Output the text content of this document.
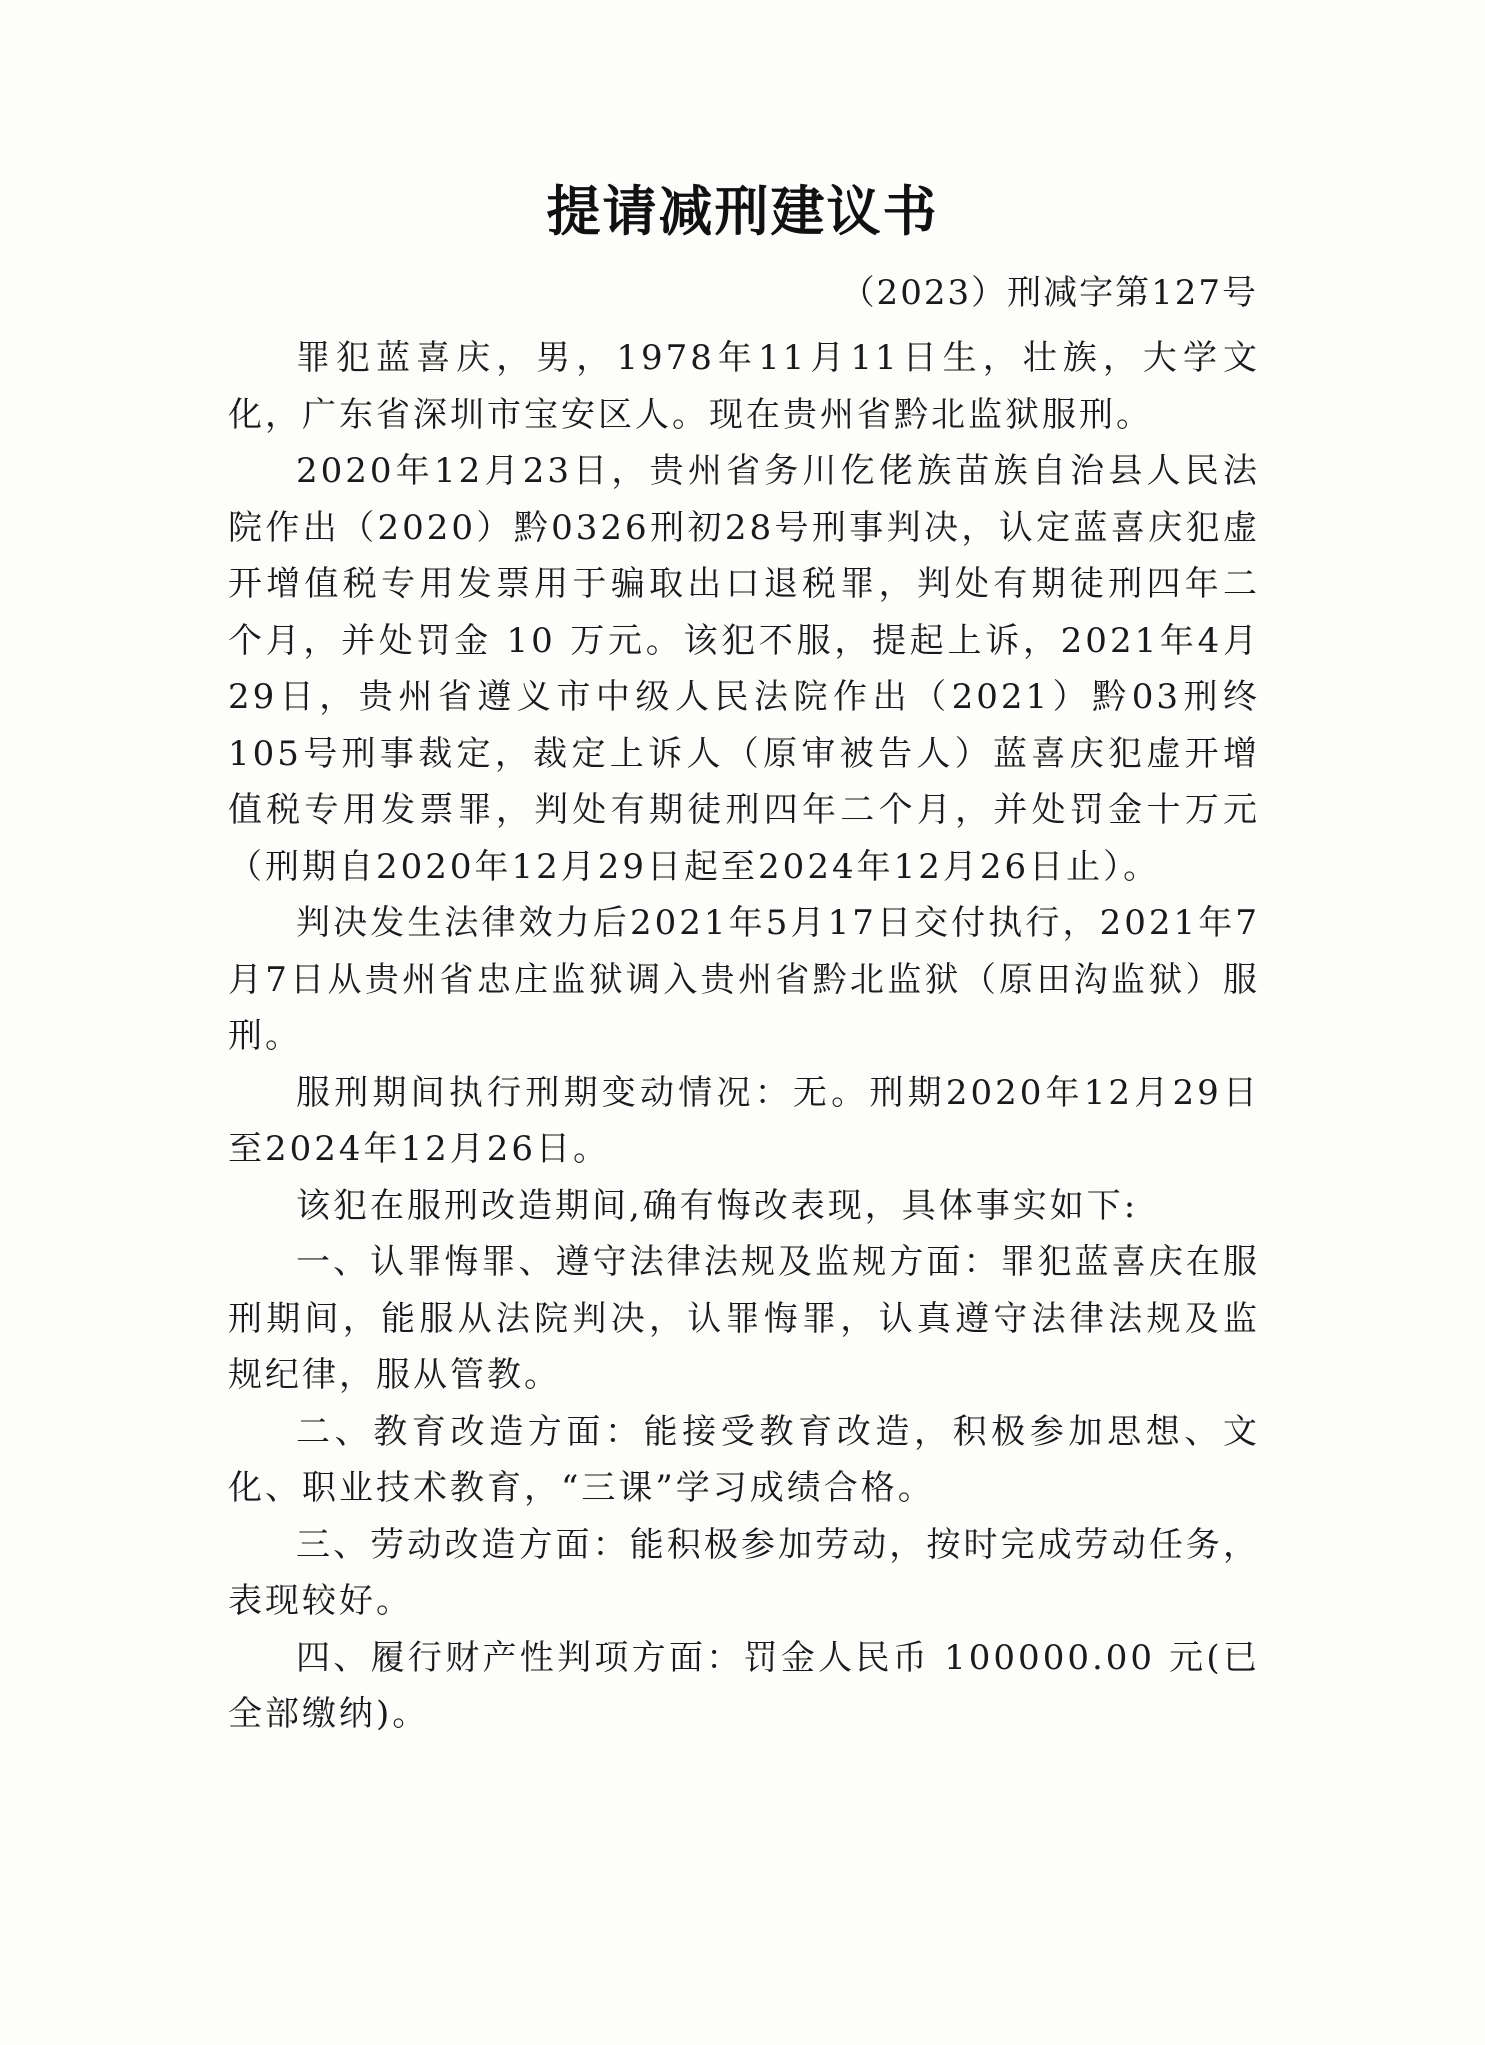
提请减刑建议书
（2023）刑减字第127号

罪犯蓝喜庆，男，1978年11月11日生，壮族，大学文化，广东省深圳市宝安区人。现在贵州省黔北监狱服刑。

2020年12月23日，贵州省务川仡佬族苗族自治县人民法院作出（2020）黔0326刑初28号刑事判决，认定蓝喜庆犯虚开增值税专用发票用于骗取出口退税罪，判处有期徒刑四年二个月，并处罚金 10 万元。该犯不服，提起上诉，2021年4月29日，贵州省遵义市中级人民法院作出（2021）黔03刑终105号刑事裁定，裁定上诉人（原审被告人）蓝喜庆犯虚开增值税专用发票罪，判处有期徒刑四年二个月，并处罚金十万元（刑期自2020年12月29日起至2024年12月26日止）。

判决发生法律效力后2021年5月17日交付执行，2021年7月7日从贵州省忠庄监狱调入贵州省黔北监狱（原田沟监狱）服刑。

服刑期间执行刑期变动情况：无。刑期2020年12月29日至2024年12月26日。

该犯在服刑改造期间,确有悔改表现，具体事实如下:

一、认罪悔罪、遵守法律法规及监规方面：罪犯蓝喜庆在服刑期间，能服从法院判决，认罪悔罪，认真遵守法律法规及监规纪律，服从管教。

二、教育改造方面：能接受教育改造，积极参加思想、文化、职业技术教育，“三课”学习成绩合格。

三、劳动改造方面：能积极参加劳动，按时完成劳动任务，表现较好。

四、履行财产性判项方面：罚金人民币 100000.00 元(已全部缴纳)。
